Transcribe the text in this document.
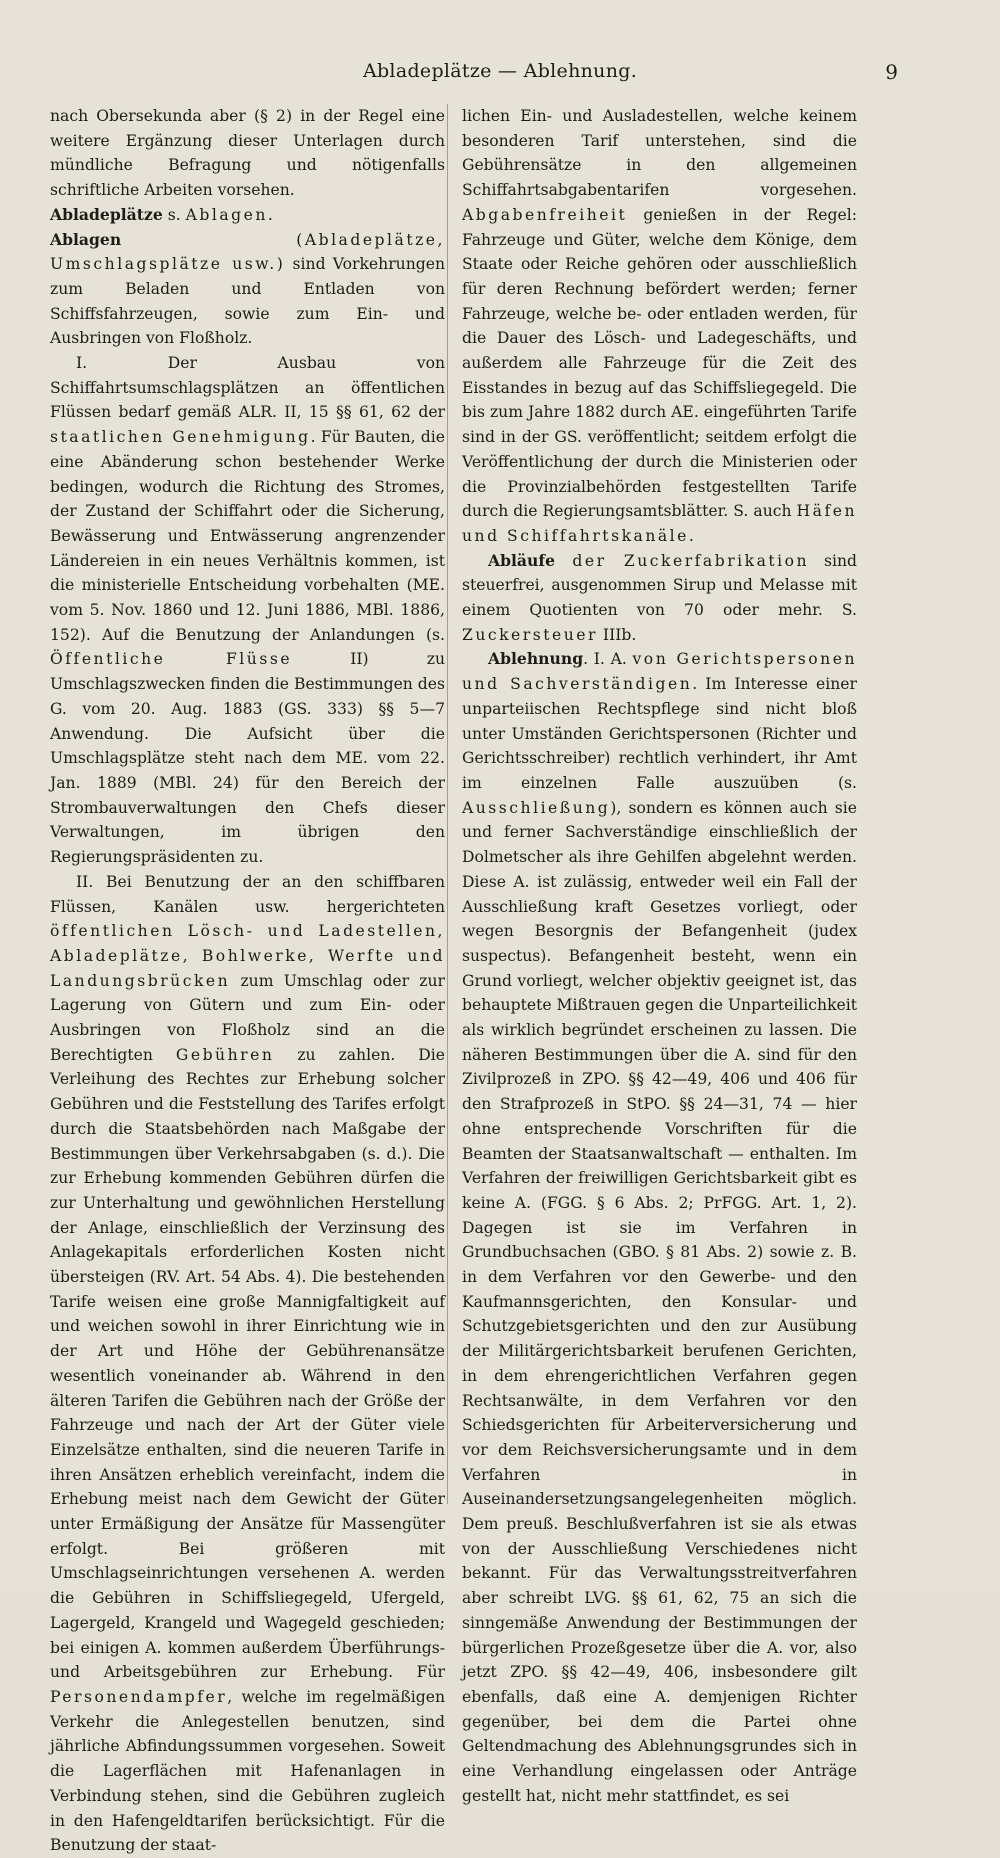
Abladeplätze — Ablehnung.	9

nach Obersekunda aber (§ 2) in der Regel eine weitere Ergänzung dieser Unterlagen durch mündliche Befragung und nötigenfalls schriftliche Arbeiten vorsehen.

Abladeplätze s. Ablagen.

Ablagen (Abladeplätze, Umschlagsplätze usw.) sind Vorkehrungen zum Beladen und Entladen von Schiffsfahrzeugen, sowie zum Ein- und Ausbringen von Floßholz.

I. Der Ausbau von Schiffahrtsumschlagsplätzen an öffentlichen Flüssen bedarf gemäß ALR. II, 15 §§ 61, 62 der staatlichen Genehmigung. Für Bauten, die eine Abänderung schon bestehender Werke bedingen, wodurch die Richtung des Stromes, der Zustand der Schiffahrt oder die Sicherung, Bewässerung und Entwässerung angrenzender Ländereien in ein neues Verhältnis kommen, ist die ministerielle Entscheidung vorbehalten (ME. vom 5. Nov. 1860 und 12. Juni 1886, MBl. 1886, 152). Auf die Benutzung der Anlandungen (s. Öffentliche Flüsse II) zu Umschlagszwecken finden die Bestimmungen des G. vom 20. Aug. 1883 (GS. 333) §§ 5—7 Anwendung. Die Aufsicht über die Umschlagsplätze steht nach dem ME. vom 22. Jan. 1889 (MBl. 24) für den Bereich der Strombauverwaltungen den Chefs dieser Verwaltungen, im übrigen den Regierungspräsidenten zu.

II. Bei Benutzung der an den schiffbaren Flüssen, Kanälen usw. hergerichteten öffentlichen Lösch- und Ladestellen, Abladeplätze, Bohlwerke, Werfte und Landungsbrücken zum Umschlag oder zur Lagerung von Gütern und zum Ein- oder Ausbringen von Floßholz sind an die Berechtigten Gebühren zu zahlen. Die Verleihung des Rechtes zur Erhebung solcher Gebühren und die Feststellung des Tarifes erfolgt durch die Staatsbehörden nach Maßgabe der Bestimmungen über Verkehrsabgaben (s. d.). Die zur Erhebung kommenden Gebühren dürfen die zur Unterhaltung und gewöhnlichen Herstellung der Anlage, einschließlich der Verzinsung des Anlagekapitals erforderlichen Kosten nicht übersteigen (RV. Art. 54 Abs. 4). Die bestehenden Tarife weisen eine große Mannigfaltigkeit auf und weichen sowohl in ihrer Einrichtung wie in der Art und Höhe der Gebührenansätze wesentlich voneinander ab. Während in den älteren Tarifen die Gebühren nach der Größe der Fahrzeuge und nach der Art der Güter viele Einzelsätze enthalten, sind die neueren Tarife in ihren Ansätzen erheblich vereinfacht, indem die Erhebung meist nach dem Gewicht der Güter unter Ermäßigung der Ansätze für Massengüter erfolgt. Bei größeren mit Umschlagseinrichtungen versehenen A. werden die Gebühren in Schiffsliegegeld, Ufergeld, Lagergeld, Krangeld und Wagegeld geschieden; bei einigen A. kommen außerdem Überführungs- und Arbeitsgebühren zur Erhebung. Für Personendampfer, welche im regelmäßigen Verkehr die Anlegestellen benutzen, sind jährliche Abfindungssummen vorgesehen. Soweit die Lagerflächen mit Hafenanlagen in Verbindung stehen, sind die Gebühren zugleich in den Hafengeldtarifen berücksichtigt. Für die Benutzung der staat-

lichen Ein- und Ausladestellen, welche keinem besonderen Tarif unterstehen, sind die Gebührensätze in den allgemeinen Schiffahrtsabgabentarifen vorgesehen. Abgabenfreiheit genießen in der Regel: Fahrzeuge und Güter, welche dem Könige, dem Staate oder Reiche gehören oder ausschließlich für deren Rechnung befördert werden; ferner Fahrzeuge, welche be- oder entladen werden, für die Dauer des Lösch- und Ladegeschäfts, und außerdem alle Fahrzeuge für die Zeit des Eisstandes in bezug auf das Schiffsliegegeld. Die bis zum Jahre 1882 durch AE. eingeführten Tarife sind in der GS. veröffentlicht; seitdem erfolgt die Veröffentlichung der durch die Ministerien oder die Provinzialbehörden festgestellten Tarife durch die Regierungsamtsblätter. S. auch Häfen und Schiffahrtskanäle.

Abläufe der Zuckerfabrikation sind steuerfrei, ausgenommen Sirup und Melasse mit einem Quotienten von 70 oder mehr. S. Zuckersteuer IIIb.

Ablehnung. I. A. von Gerichtspersonen und Sachverständigen. Im Interesse einer unparteiischen Rechtspflege sind nicht bloß unter Umständen Gerichtspersonen (Richter und Gerichtsschreiber) rechtlich verhindert, ihr Amt im einzelnen Falle auszuüben (s. Ausschließung), sondern es können auch sie und ferner Sachverständige einschließlich der Dolmetscher als ihre Gehilfen abgelehnt werden. Diese A. ist zulässig, entweder weil ein Fall der Ausschließung kraft Gesetzes vorliegt, oder wegen Besorgnis der Befangenheit (judex suspectus). Befangenheit besteht, wenn ein Grund vorliegt, welcher objektiv geeignet ist, das behauptete Mißtrauen gegen die Unparteilichkeit als wirklich begründet erscheinen zu lassen. Die näheren Bestimmungen über die A. sind für den Zivilprozeß in ZPO. §§ 42—49, 406 und 406 für den Strafprozeß in StPO. §§ 24—31, 74 — hier ohne entsprechende Vorschriften für die Beamten der Staatsanwaltschaft — enthalten. Im Verfahren der freiwilligen Gerichtsbarkeit gibt es keine A. (FGG. § 6 Abs. 2; PrFGG. Art. 1, 2). Dagegen ist sie im Verfahren in Grundbuchsachen (GBO. § 81 Abs. 2) sowie z. B. in dem Verfahren vor den Gewerbe- und den Kaufmannsgerichten, den Konsular- und Schutzgebietsgerichten und den zur Ausübung der Militärgerichtsbarkeit berufenen Gerichten, in dem ehrengerichtlichen Verfahren gegen Rechtsanwälte, in dem Verfahren vor den Schiedsgerichten für Arbeiterversicherung und vor dem Reichsversicherungsamte und in dem Verfahren in Auseinandersetzungsangelegenheiten möglich. Dem preuß. Beschlußverfahren ist sie als etwas von der Ausschließung Verschiedenes nicht bekannt. Für das Verwaltungsstreitverfahren aber schreibt LVG. §§ 61, 62, 75 an sich die sinngemäße Anwendung der Bestimmungen der bürgerlichen Prozeßgesetze über die A. vor, also jetzt ZPO. §§ 42—49, 406, insbesondere gilt ebenfalls, daß eine A. demjenigen Richter gegenüber, bei dem die Partei ohne Geltendmachung des Ablehnungsgrundes sich in eine Verhandlung eingelassen oder Anträge gestellt hat, nicht mehr stattfindet, es sei
